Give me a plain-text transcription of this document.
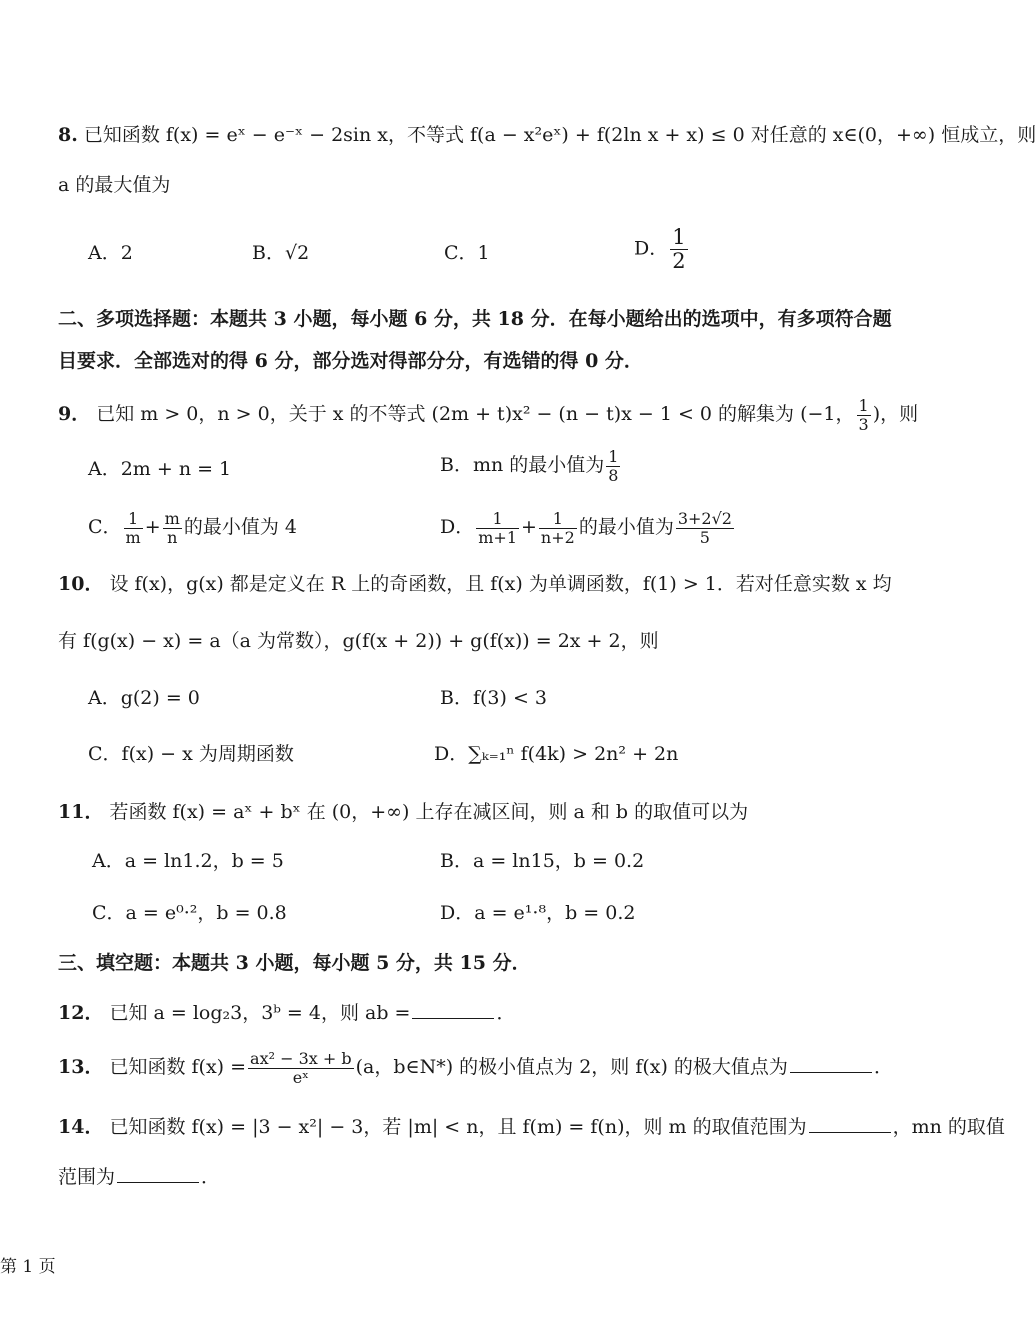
8. 已知函数 f(x) = eˣ − e⁻ˣ − 2sin x，不等式 f(a − x²eˣ) + f(2ln x + x) ≤ 0 对任意的 x∈(0，+∞) 恒成立，则
a 的最大值为
A．2	B．√2	C．1	D． $\frac{1}{2}$
二、多项选择题：本题共 3 小题，每小题 6 分，共 18 分．在每小题给出的选项中，有多项符合题
目要求．全部选对的得 6 分，部分选对得部分分，有选错的得 0 分．
9． 已知 m > 0，n > 0，关于 x 的不等式 (2m + t)x² − (n − t)x − 1 < 0 的解集为 (−1， $\frac{1}{3}$ )，则
A．2m + n = 1	B．mn 的最小值为 $\frac{1}{8}$
C． $\frac{1}{m} + \frac{m}{n}$ 的最小值为 4	D． $\frac{1}{m+1} + \frac{1}{n+2}$ 的最小值为 $\frac{3+2√2}{5}$
10． 设 f(x)，g(x) 都是定义在 R 上的奇函数，且 f(x) 为单调函数，f(1) > 1．若对任意实数 x 均
有 f(g(x) − x) = a（a 为常数），g(f(x + 2)) + g(f(x)) = 2x + 2，则
A．g(2) = 0	B．f(3) < 3
C．f(x) − x 为周期函数	D．∑ₖ₌₁ⁿ f(4k) > 2n² + 2n
11． 若函数 f(x) = aˣ + bˣ 在 (0，+∞) 上存在减区间，则 a 和 b 的取值可以为
A．a = ln1.2，b = 5	B．a = ln15，b = 0.2
C．a = e⁰·²，b = 0.8	D．a = e¹·⁸，b = 0.2
三、填空题：本题共 3 小题，每小题 5 分，共 15 分．
12． 已知 a = log₂3，3ᵇ = 4，则 ab =	．
13． 已知函数 $f(x) = \frac{\text{ax² − 3x + b}}{\text{eˣ}} (a$，b∈N*) 的极小值点为 2，则 f(x) 的极大值点为	．
14． 已知函数 f(x) = |3 − x²| − 3，若 |m| < n，且 f(m) = f(n)，则 m 的取值范围为	，mn 的取值
范围为	．
第 1 页
